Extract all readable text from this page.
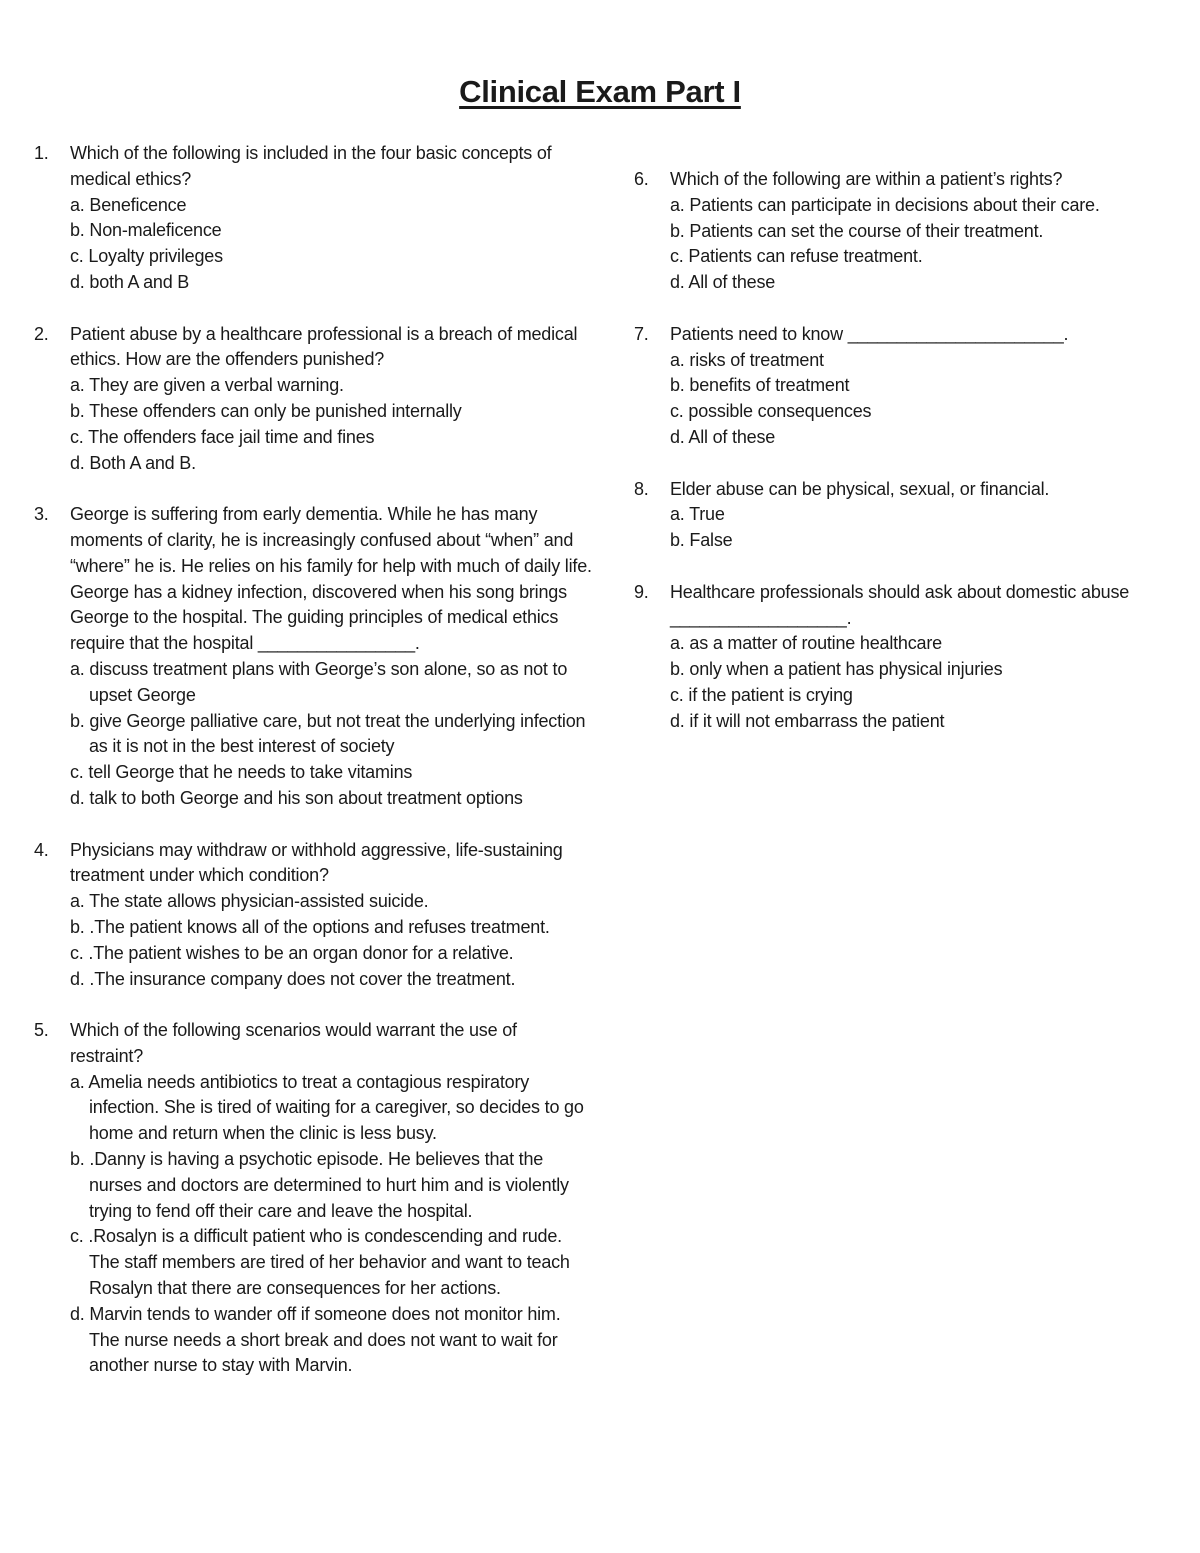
Clinical Exam Part I
1. Which of the following is included in the four basic concepts of medical ethics?
a. Beneficence
b. Non-maleficence
c. Loyalty privileges
d. both A and B
2. Patient abuse by a healthcare professional is a breach of medical ethics. How are the offenders punished?
a. They are given a verbal warning.
b. These offenders can only be punished internally
c. The offenders face jail time and fines
d. Both A and B.
3. George is suffering from early dementia. While he has many moments of clarity, he is increasingly confused about “when” and “where” he is. He relies on his family for help with much of daily life. George has a kidney infection, discovered when his song brings George to the hospital. The guiding principles of medical ethics require that the hospital ________________.
a. discuss treatment plans with George’s son alone, so as not to upset George
b. give George palliative care, but not treat the underlying infection as it is not in the best interest of society
c. tell George that he needs to take vitamins
d. talk to both George and his son about treatment options
4. Physicians may withdraw or withhold aggressive, life-sustaining treatment under which condition?
a. The state allows physician-assisted suicide.
b. .The patient knows all of the options and refuses treatment.
c. .The patient wishes to be an organ donor for a relative.
d. .The insurance company does not cover the treatment.
5. Which of the following scenarios would warrant the use of restraint?
a. Amelia needs antibiotics to treat a contagious respiratory infection. She is tired of waiting for a caregiver, so decides to go home and return when the clinic is less busy.
b. .Danny is having a psychotic episode. He believes that the nurses and doctors are determined to hurt him and is violently trying to fend off their care and leave the hospital.
c. .Rosalyn is a difficult patient who is condescending and rude. The staff members are tired of her behavior and want to teach Rosalyn that there are consequences for her actions.
d. Marvin tends to wander off if someone does not monitor him. The nurse needs a short break and does not want to wait for another nurse to stay with Marvin.
6. Which of the following are within a patient’s rights?
a. Patients can participate in decisions about their care.
b. Patients can set the course of their treatment.
c. Patients can refuse treatment.
d. All of these
7. Patients need to know ______________________.
a. risks of treatment
b. benefits of treatment
c. possible consequences
d. All of these
8. Elder abuse can be physical, sexual, or financial.
a. True
b. False
9. Healthcare professionals should ask about domestic abuse __________________.
a. as a matter of routine healthcare
b. only when a patient has physical injuries
c. if the patient is crying
d. if it will not embarrass the patient
